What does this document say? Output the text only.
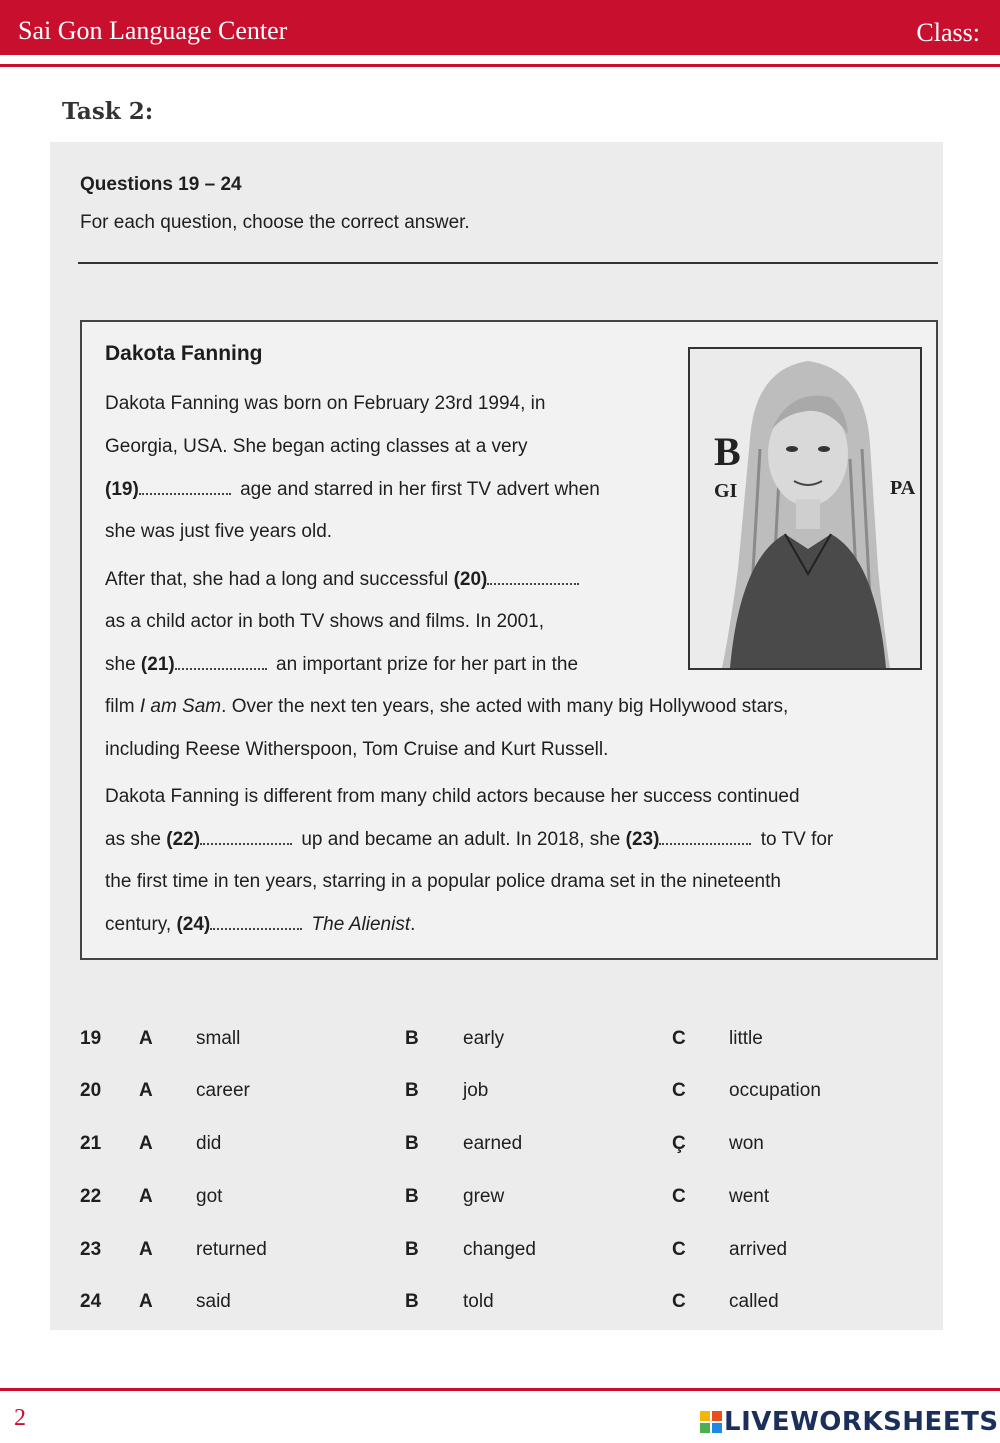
Sai Gon Language Center	Class:
Task 2:
Questions 19 – 24
For each question, choose the correct answer.
Dakota Fanning
Dakota Fanning was born on February 23rd 1994, in
Georgia, USA. She began acting classes at a very
(19)	age and starred in her first TV advert when
she was just five years old.
After that, she had a long and successful (20)
as a child actor in both TV shows and films. In 2001,
she (21)	an important prize for her part in the
film I am Sam. Over the next ten years, she acted with many big Hollywood stars,
including Reese Witherspoon, Tom Cruise and Kurt Russell.
Dakota Fanning is different from many child actors because her success continued
as she (22)	up and became an adult. In 2018, she (23)	to TV for
the first time in ten years, starring in a popular police drama set in the nineteenth
century, (24)	The Alienist.
B
GI	PA
19 A small	B early	C little
20 A career	B job	C occupation
21 A did	B earned	Ç won
22 A got	B grew	C went
23 A returned	B changed	C arrived
24 A said	B told	C called
2	LIVEWORKSHEETS
